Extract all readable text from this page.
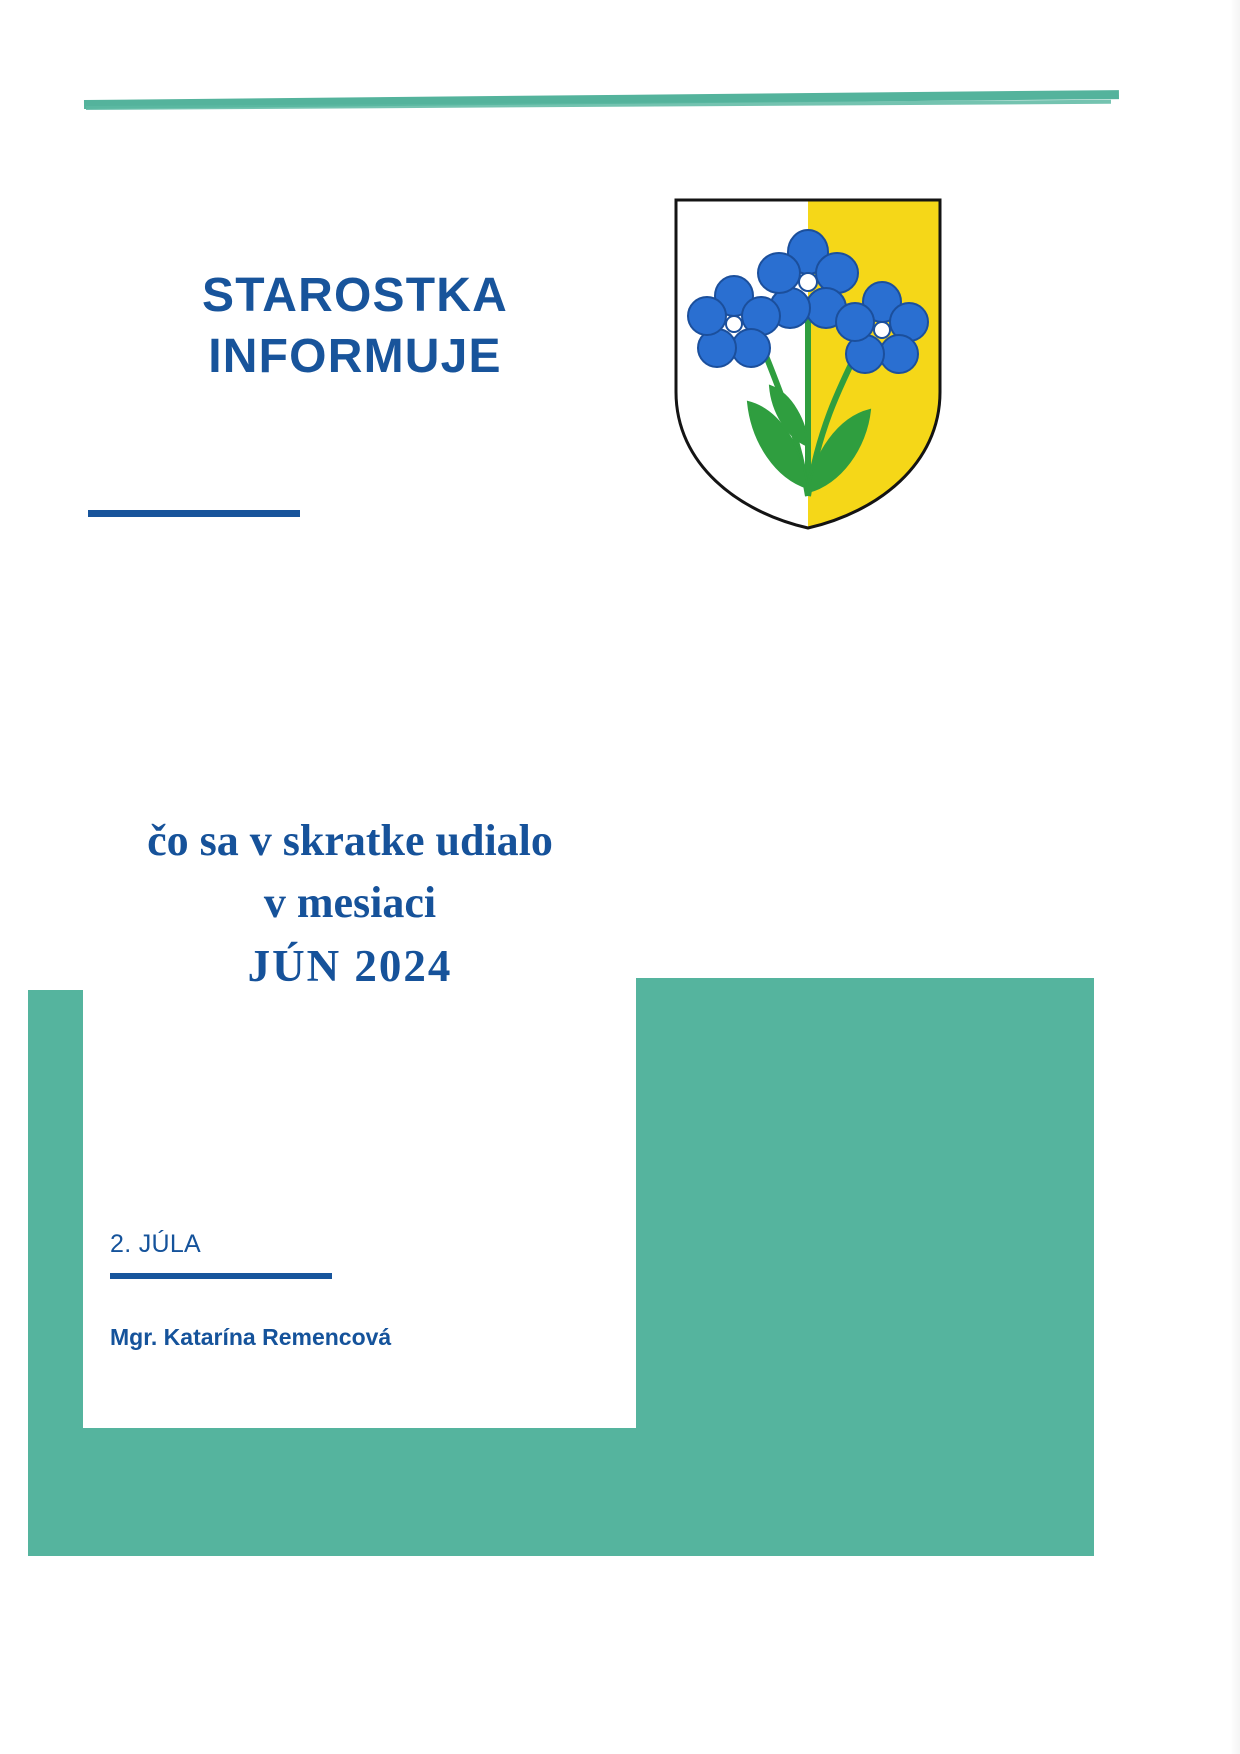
STAROSTKA
INFORMUJE
čo sa v skratke udialo
v mesiaci
JÚN 2024
2. JÚLA
Mgr. Katarína Remencová
